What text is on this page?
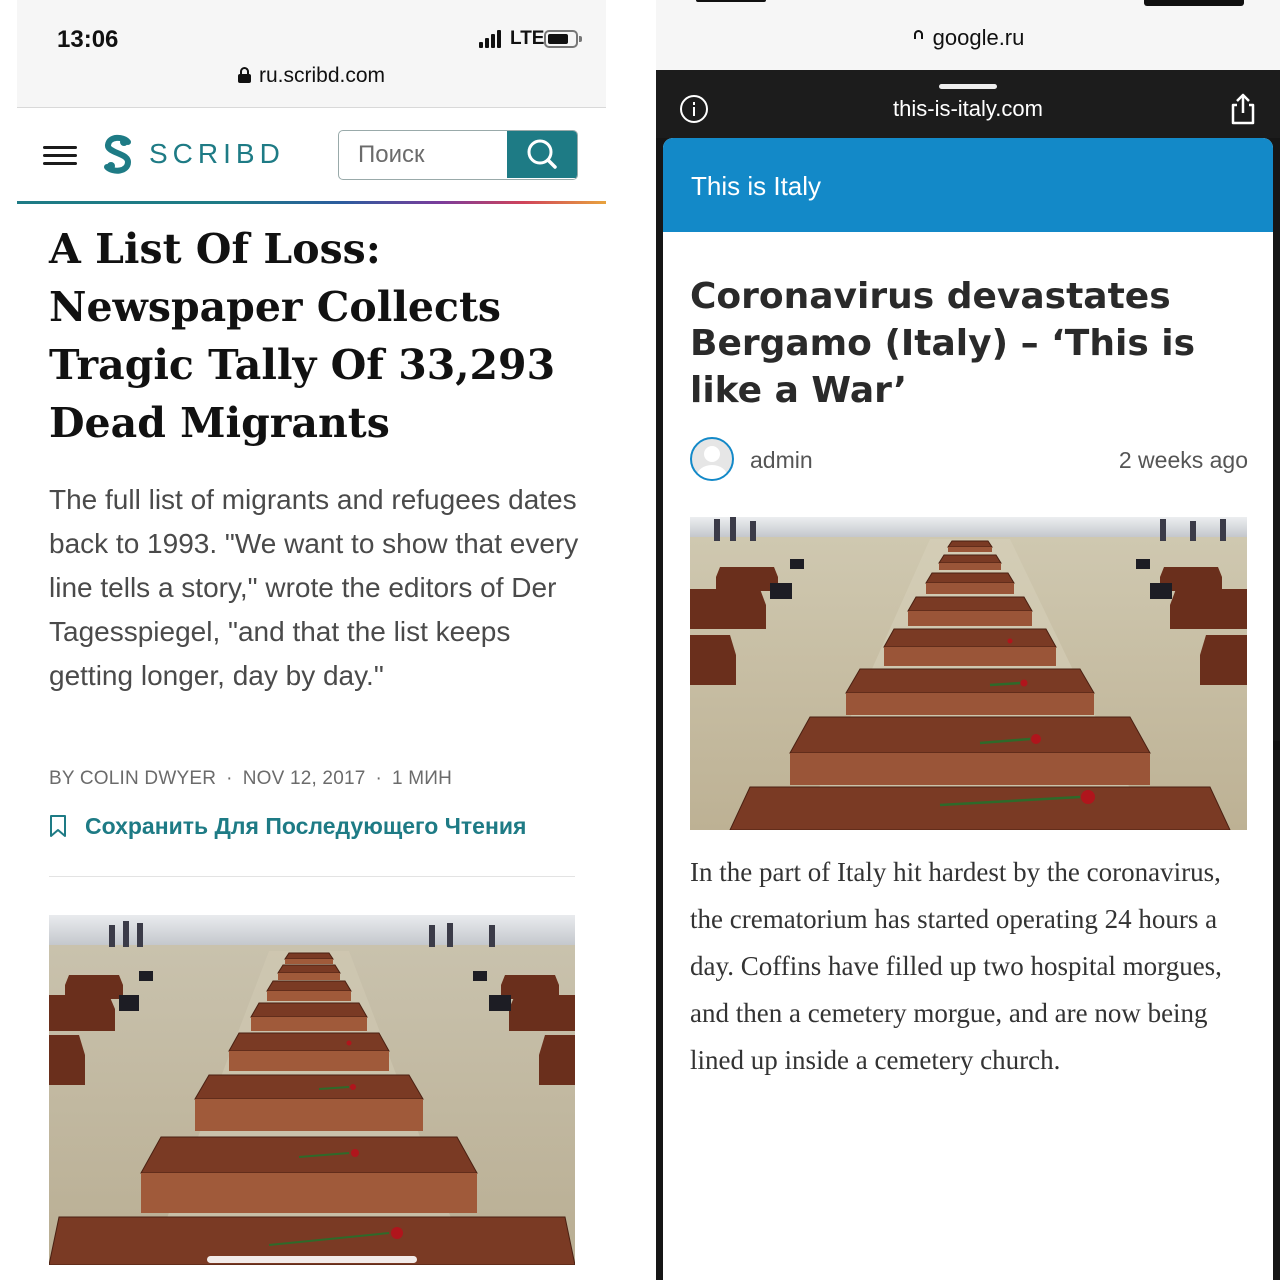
13:06	LTE
ru.scribd.com
SCRIBD
Поиск
A List Of Loss: Newspaper Collects Tragic Tally Of 33,293 Dead Migrants

The full list of migrants and refugees dates back to 1993. "We want to show that every line tells a story," wrote the editors of Der Tagesspiegel, "and that the list keeps getting longer, day by day."

BY COLIN DWYER · NOV 12, 2017 · 1 МИН
Сохранить Для Последующего Чтения
google.ru
this-is-italy.com
This is Italy
Coronavirus devastates Bergamo (Italy) – ‘This is like a War’
admin	2 weeks ago

In the part of Italy hit hardest by the coronavirus, the crematorium has started operating 24 hours a day. Coffins have filled up two hospital morgues, and then a cemetery morgue, and are now being lined up inside a cemetery church.
